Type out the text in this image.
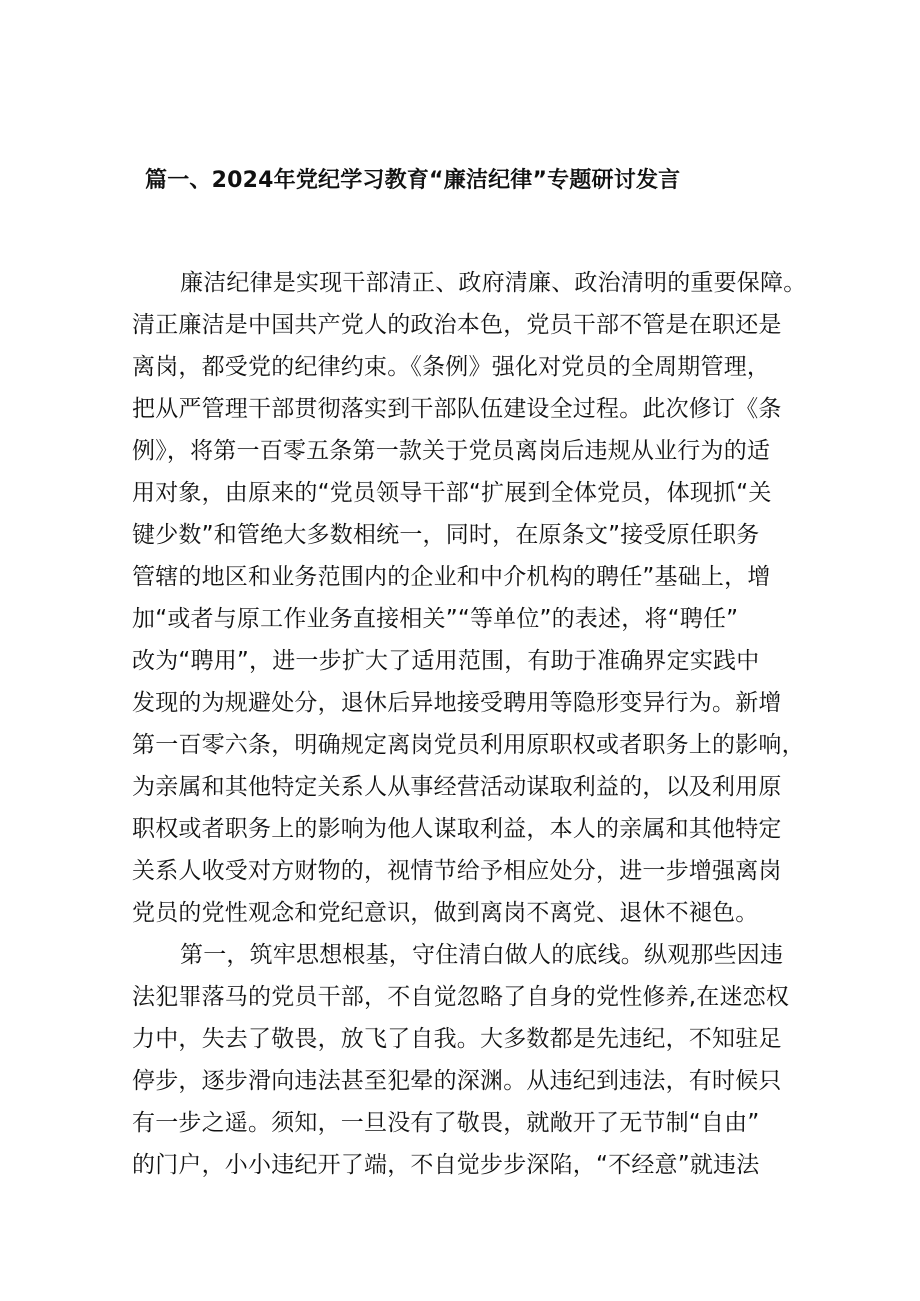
篇一、2024年党纪学习教育“廉洁纪律”专题研讨发言
廉洁纪律是实现干部清正、政府清廉、政治清明的重要保障。
清正廉洁是中国共产党人的政治本色，党员干部不管是在职还是
离岗，都受党的纪律约束。《条例》强化对党员的全周期管理，
把从严管理干部贯彻落实到干部队伍建设全过程。此次修订《条
例》，将第一百零五条第一款关于党员离岗后违规从业行为的适
用对象，由原来的“党员领导干部“扩展到全体党员，体现抓“关
键少数”和管绝大多数相统一，同时，在原条文”接受原任职务
管辖的地区和业务范围内的企业和中介机构的聘任”基础上，增
加“或者与原工作业务直接相关”“等单位”的表述，将“聘任”
改为“聘用”，进一步扩大了适用范围，有助于准确界定实践中
发现的为规避处分，退休后异地接受聘用等隐形变异行为。新增
第一百零六条，明确规定离岗党员利用原职权或者职务上的影响，
为亲属和其他特定关系人从事经营活动谋取利益的，以及利用原
职权或者职务上的影响为他人谋取利益，本人的亲属和其他特定
关系人收受对方财物的，视情节给予相应处分，进一步增强离岗
党员的党性观念和党纪意识，做到离岗不离党、退休不褪色。
第一，筑牢思想根基，守住清白做人的底线。纵观那些因违
法犯罪落马的党员干部，不自觉忽略了自身的党性修养,在迷恋权
力中，失去了敬畏，放飞了自我。大多数都是先违纪，不知驻足
停步，逐步滑向违法甚至犯晕的深渊。从违纪到违法，有时候只
有一步之遥。须知，一旦没有了敬畏，就敞开了无节制“自由”
的门户，小小违纪开了端，不自觉步步深陷，“不经意”就违法
